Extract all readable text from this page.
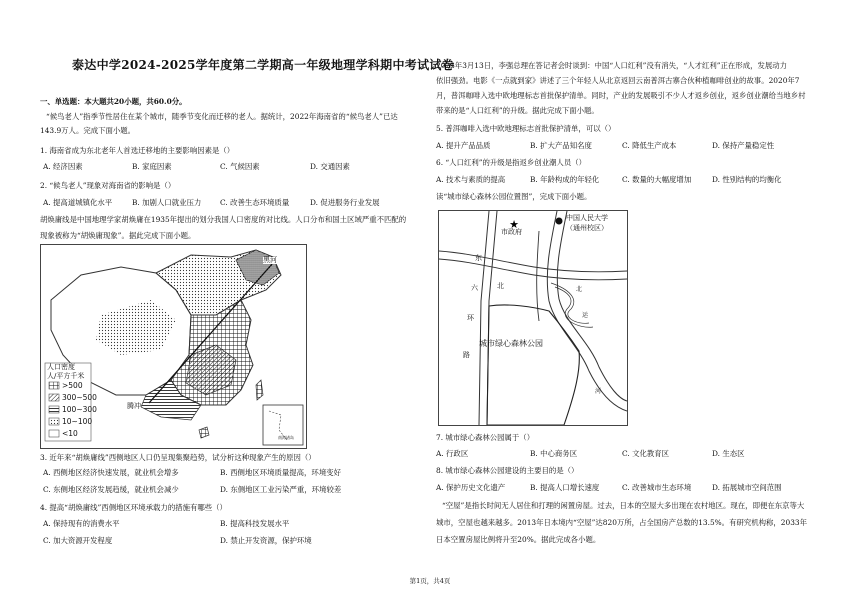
泰达中学2024-2025学年度第二学期高一年级地理学科期中考试试卷
一、单选题：本大题共20小题，共60.0分。
“候鸟老人”指季节性居住在某个城市，随季节变化而迁移的老人。据统计，2022年海南省的“候鸟老人”已达
143.9万人。完成下面小题。
1. 海南省成为东北老年人首选迁移地的主要影响因素是（）
A. 经济因素	B. 家庭因素	C. 气候因素	D. 交通因素
2. “候鸟老人”现象对海南省的影响是（）
A. 提高道城镇化水平	B. 加剧人口就业压力	C. 改善生态环境质量	D. 促进服务行业发展
胡焕庸线是中国地理学家胡焕庸在1935年提出的划分我国人口密度的对比线。人口分布和国土区域严重不匹配的
现象被称为“胡焕庸现象”。据此完成下面小题。
人口密度
人/平方千米
>500
300~500
100~300
10~100
<10
黑河
腾冲
南海诸岛
3. 近年来“胡焕庸线”西侧地区人口仍呈现集聚趋势，试分析这种现象产生的原因（）
A. 西侧地区经济快速发展，就业机会增多	B. 西侧地区环境质量提高，环境变好
C. 东侧地区经济发展趋缓，就业机会减少	D. 东侧地区工业污染严重，环境较差
4. 提高“胡焕庸线”西侧地区环境承载力的措施有哪些（）
A. 保持现有的消费水平	B. 提高科技发展水平
C. 加大资源开发程度	D. 禁止开发资源，保护环境
2023年3月13日，李强总理在答记者会时谈到：中国“人口红利”没有消失，“人才红利”正在形成，发展动力
依旧强劲。电影《一点就到家》讲述了三个年轻人从北京返回云南普洱古寨合伙种植咖啡创业的故事。2020年7
月，普洱咖啡入选中欧地理标志首批保护清单。同时，产业的发展吸引不少人才返乡创业，返乡创业潮给当地乡村
带来的是“人口红利”的升级。据此完成下面小题。
5. 普洱咖啡入选中欧地理标志首批保护清单，可以（）
A. 提升产品品质	B. 扩大产品知名度	C. 降低生产成本	D. 保持产量稳定性
6. “人口红利”的升级是指返乡创业潮人员（）
A. 技术与素质的提高	B. 年龄构成的年轻化	C. 数量的大幅度增加	D. 性别结构的均衡化
读“城市绿心森林公园位置图”，完成下面小题。
★
市政府
中国人民大学
（通州校区）
城市绿心森林公园
东
六
环
路
北	北
运
河
7. 城市绿心森林公园属于（）
A. 行政区	B. 中心商务区	C. 文化教育区	D. 生态区
8. 城市绿心森林公园建设的主要目的是（）
A. 保护历史文化遗产	B. 提高人口增长速度	C. 改善城市生态环境	D. 拓展城市空间范围
“空屋”是指长时间无人居住和打理的闲置房屋。过去，日本的空屋大多出现在农村地区。现在，即便在东京等大
城市，空屋也越来越多。2013年日本境内“空屋”达820万所，占全国房产总数的13.5%。有研究机构称，2033年
日本空置房屋比例将升至20%。据此完成各小题。
第1页，共4页
